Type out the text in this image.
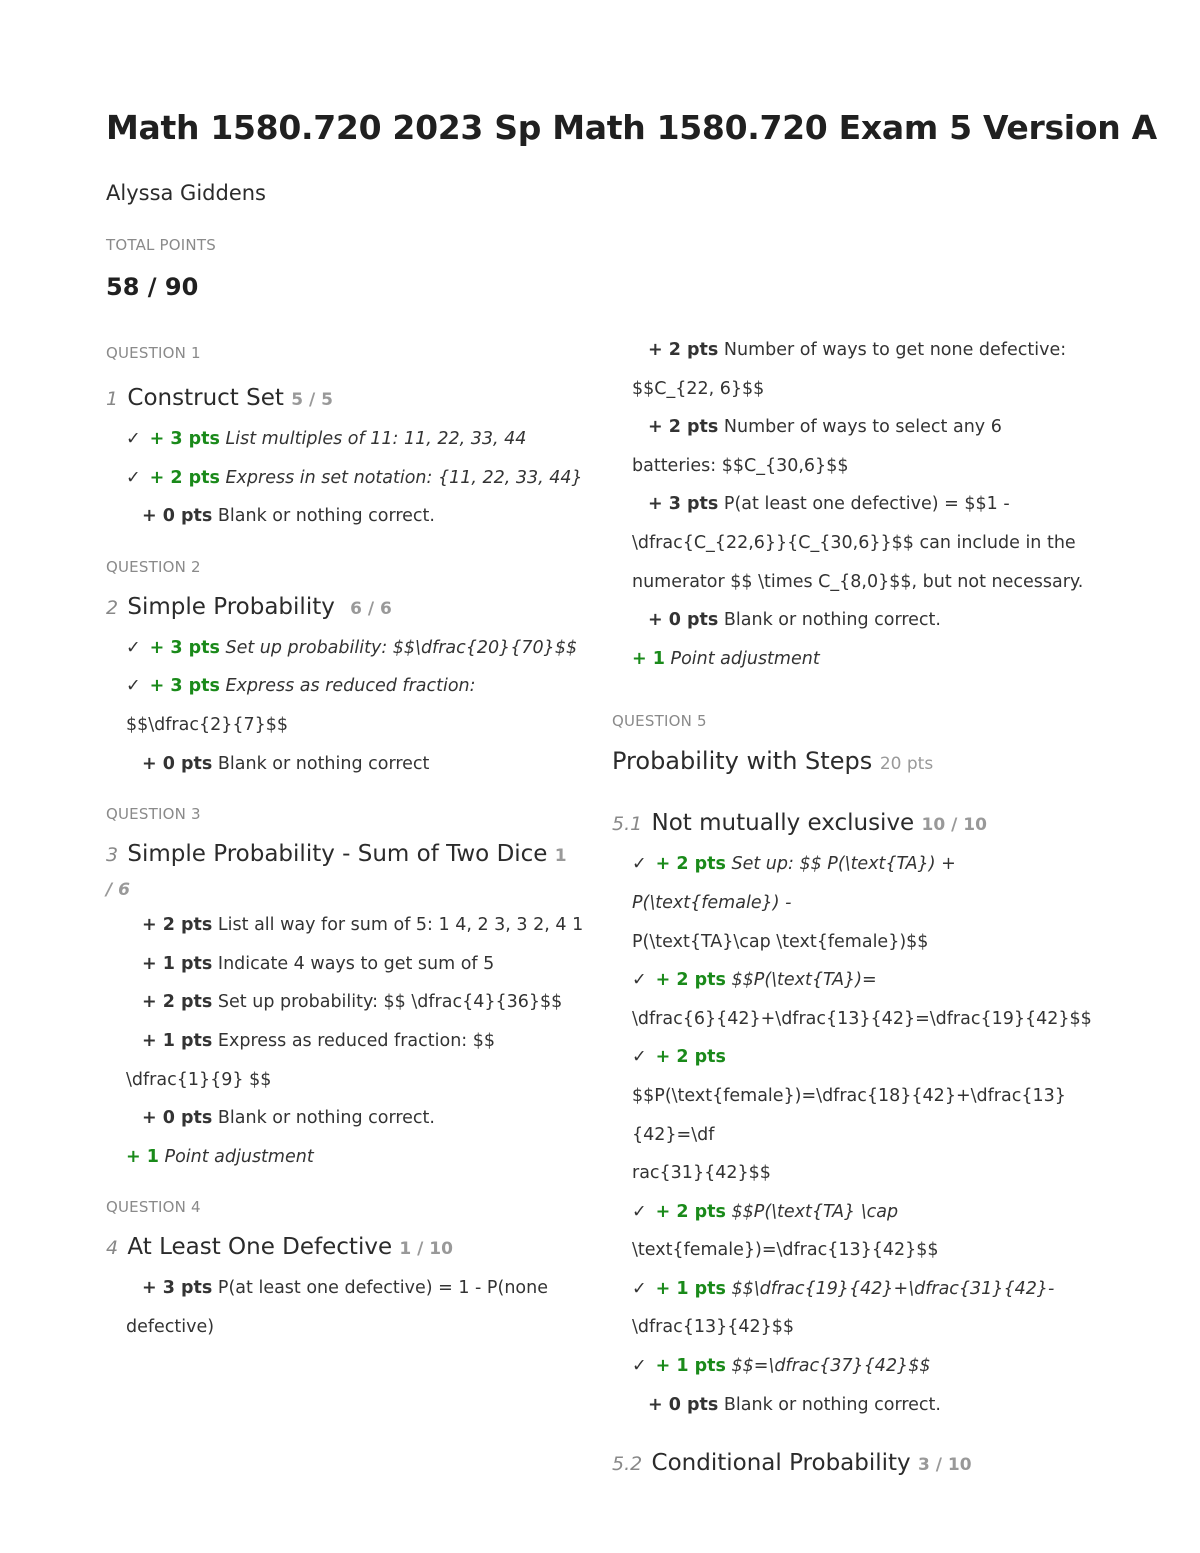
Math 1580.720 2023 Sp Math 1580.720 Exam 5 Version A
Alyssa Giddens
TOTAL POINTS
58 / 90
QUESTION 1
1 Construct Set 5 / 5
✓ + 3 pts List multiples of 11: 11, 22, 33, 44
✓ + 2 pts Express in set notation: {11, 22, 33, 44}
+ 0 pts Blank or nothing correct.
QUESTION 2
2 Simple Probability 6 / 6
✓ + 3 pts Set up probability: $$\dfrac{20}{70}$$
✓ + 3 pts Express as reduced fraction:
$$\dfrac{2}{7}$$
+ 0 pts Blank or nothing correct
QUESTION 3
3 Simple Probability - Sum of Two Dice 1
/ 6
+ 2 pts List all way for sum of 5: 1 4, 2 3, 3 2, 4 1
+ 1 pts Indicate 4 ways to get sum of 5
+ 2 pts Set up probability: $$ \dfrac{4}{36}$$
+ 1 pts Express as reduced fraction: $$
\dfrac{1}{9} $$
+ 0 pts Blank or nothing correct.
+ 1 Point adjustment
QUESTION 4
4 At Least One Defective 1 / 10
+ 3 pts P(at least one defective) = 1 - P(none
defective)
+ 2 pts Number of ways to get none defective:
$$C_{22, 6}$$
+ 2 pts Number of ways to select any 6
batteries: $$C_{30,6}$$
+ 3 pts P(at least one defective) = $$1 -
\dfrac{C_{22,6}}{C_{30,6}}$$ can include in the
numerator $$ \times C_{8,0}$$, but not necessary.
+ 0 pts Blank or nothing correct.
+ 1 Point adjustment
QUESTION 5
Probability with Steps 20 pts
5.1 Not mutually exclusive 10 / 10
✓ + 2 pts Set up: $$ P(\text{TA}) + P(\text{female}) -
P(\text{TA}\cap \text{female})$$
✓ + 2 pts $$P(\text{TA})=
\dfrac{6}{42}+\dfrac{13}{42}=\dfrac{19}{42}$$
✓ + 2 pts
$$P(\text{female})=\dfrac{18}{42}+\dfrac{13}{42}=\df
rac{31}{42}$$
✓ + 2 pts $$P(\text{TA} \cap
\text{female})=\dfrac{13}{42}$$
✓ + 1 pts $$\dfrac{19}{42}+\dfrac{31}{42}-
\dfrac{13}{42}$$
✓ + 1 pts $$=\dfrac{37}{42}$$
+ 0 pts Blank or nothing correct.
5.2 Conditional Probability 3 / 10
